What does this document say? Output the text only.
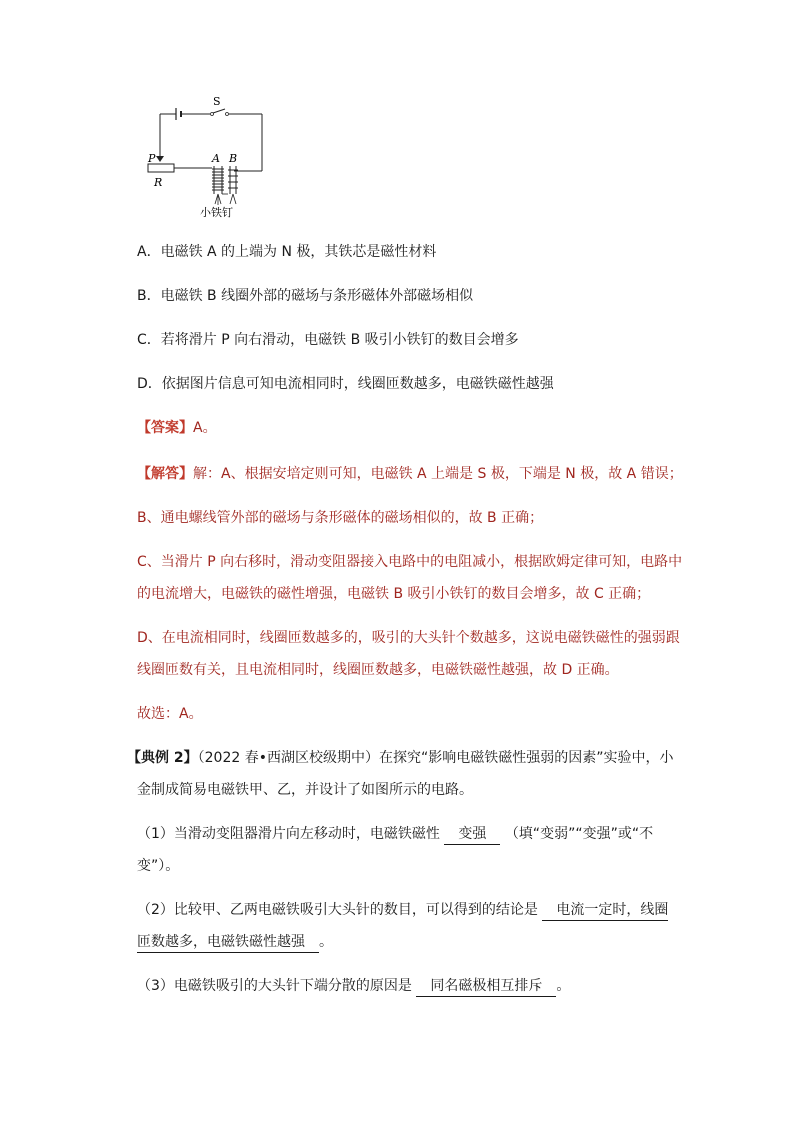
S
P
R
A B
小铁钉
A．电磁铁 A 的上端为 N 极，其铁芯是磁性材料
B．电磁铁 B 线圈外部的磁场与条形磁体外部磁场相似
C．若将滑片 P 向右滑动，电磁铁 B 吸引小铁钉的数目会增多
D．依据图片信息可知电流相同时，线圈匝数越多，电磁铁磁性越强
【答案】A。
【解答】解：A、根据安培定则可知，电磁铁 A 上端是 S 极，下端是 N 极，故 A 错误；
B、通电螺线管外部的磁场与条形磁体的磁场相似的，故 B 正确；
C、当滑片 P 向右移时，滑动变阻器接入电路中的电阻减小，根据欧姆定律可知，电路中
的电流增大，电磁铁的磁性增强，电磁铁 B 吸引小铁钉的数目会增多，故 C 正确；
D、在电流相同时，线圈匝数越多的，吸引的大头针个数越多，这说电磁铁磁性的强弱跟
线圈匝数有关，且电流相同时，线圈匝数越多，电磁铁磁性越强，故 D 正确。
故选：A。
【典例 2】（2022 春•西湖区校级期中）在探究“影响电磁铁磁性强弱的因素”实验中，小
金制成简易电磁铁甲、乙，并设计了如图所示的电路。
（1）当滑动变阻器滑片向左移动时，电磁铁磁性 变强 （填“变弱”“变强”或“不
变”）。
（2）比较甲、乙两电磁铁吸引大头针的数目，可以得到的结论是 电流一定时，线圈
匝数越多，电磁铁磁性越强 。
（3）电磁铁吸引的大头针下端分散的原因是 同名磁极相互排斥 。
